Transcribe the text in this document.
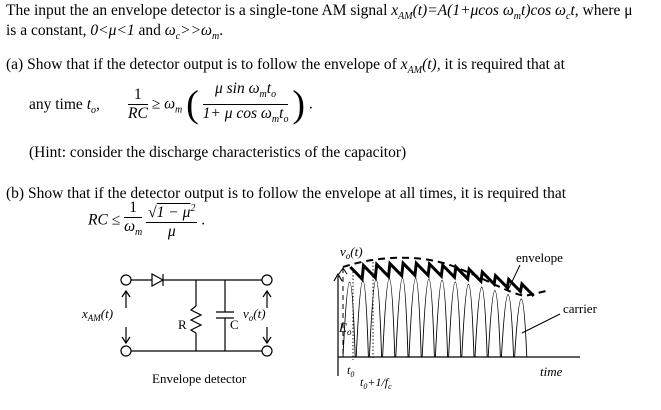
The input the an envelope detector is a single-tone AM signal $x_{AM}(t)=A(1+\mu\cos$ $\omega_mt)\cos$ $\omega_ct$, where μ
is a constant, 0<μ<1 and $\omega_c>>\omega_m$.
(a) Show that if the detector output is to follow the envelope of $x_{AM}(t)$, it is required that at
any time $t_o$, $\frac{1}{RC} \ge \omega_m$ ( $\frac{\mu \sin \omega_mt_o}{1+ \mu \cos \omega_mt_o}$ ) .
(Hint: consider the discharge characteristics of the capacitor)
(b) Show that if the detector output is to follow the envelope at all times, it is required that
RC ≤ $\frac{1}{\omega_m}$
$\frac{√1 - \mu^2}{\mu}$ .
$x_{AM}(t)$
R	C
$v_o(t)$
Envelope detector
$v_o(t)$	envelope
carrier
$E_o$
$t_0$
$t_0+1/f_c$
time
